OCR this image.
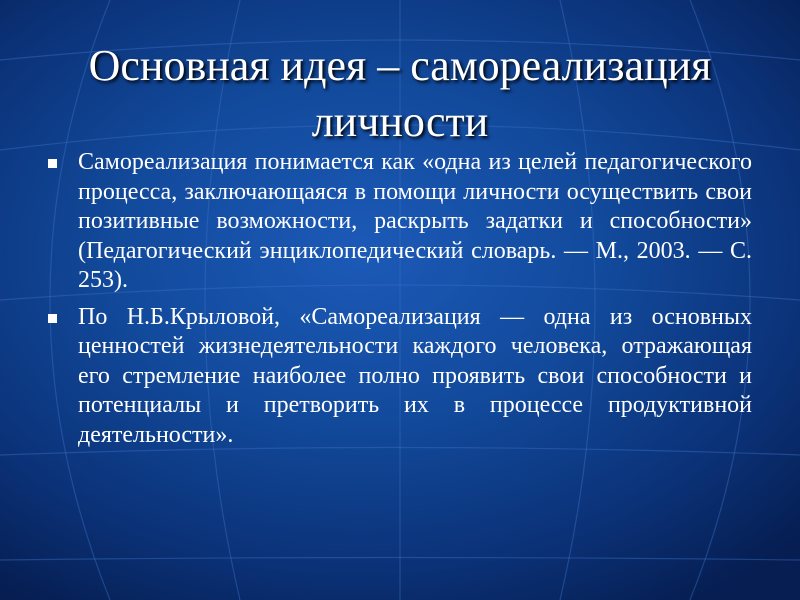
Основная идея – самореализация
личности
Самореализация понимается как «одна из целей педагогического процесса, заключающаяся в помощи личности осуществить свои позитивные возможности, раскрыть задатки и способности» (Педагогический энциклопедический словарь. — М., 2003. — С. 253).
По Н.Б.Крыловой, «Самореализация — одна из основных ценностей жизнедеятельности каждого человека, отражающая его стремление наиболее полно проявить свои способности и потенциалы и претворить их в процессе продуктивной деятельности».
